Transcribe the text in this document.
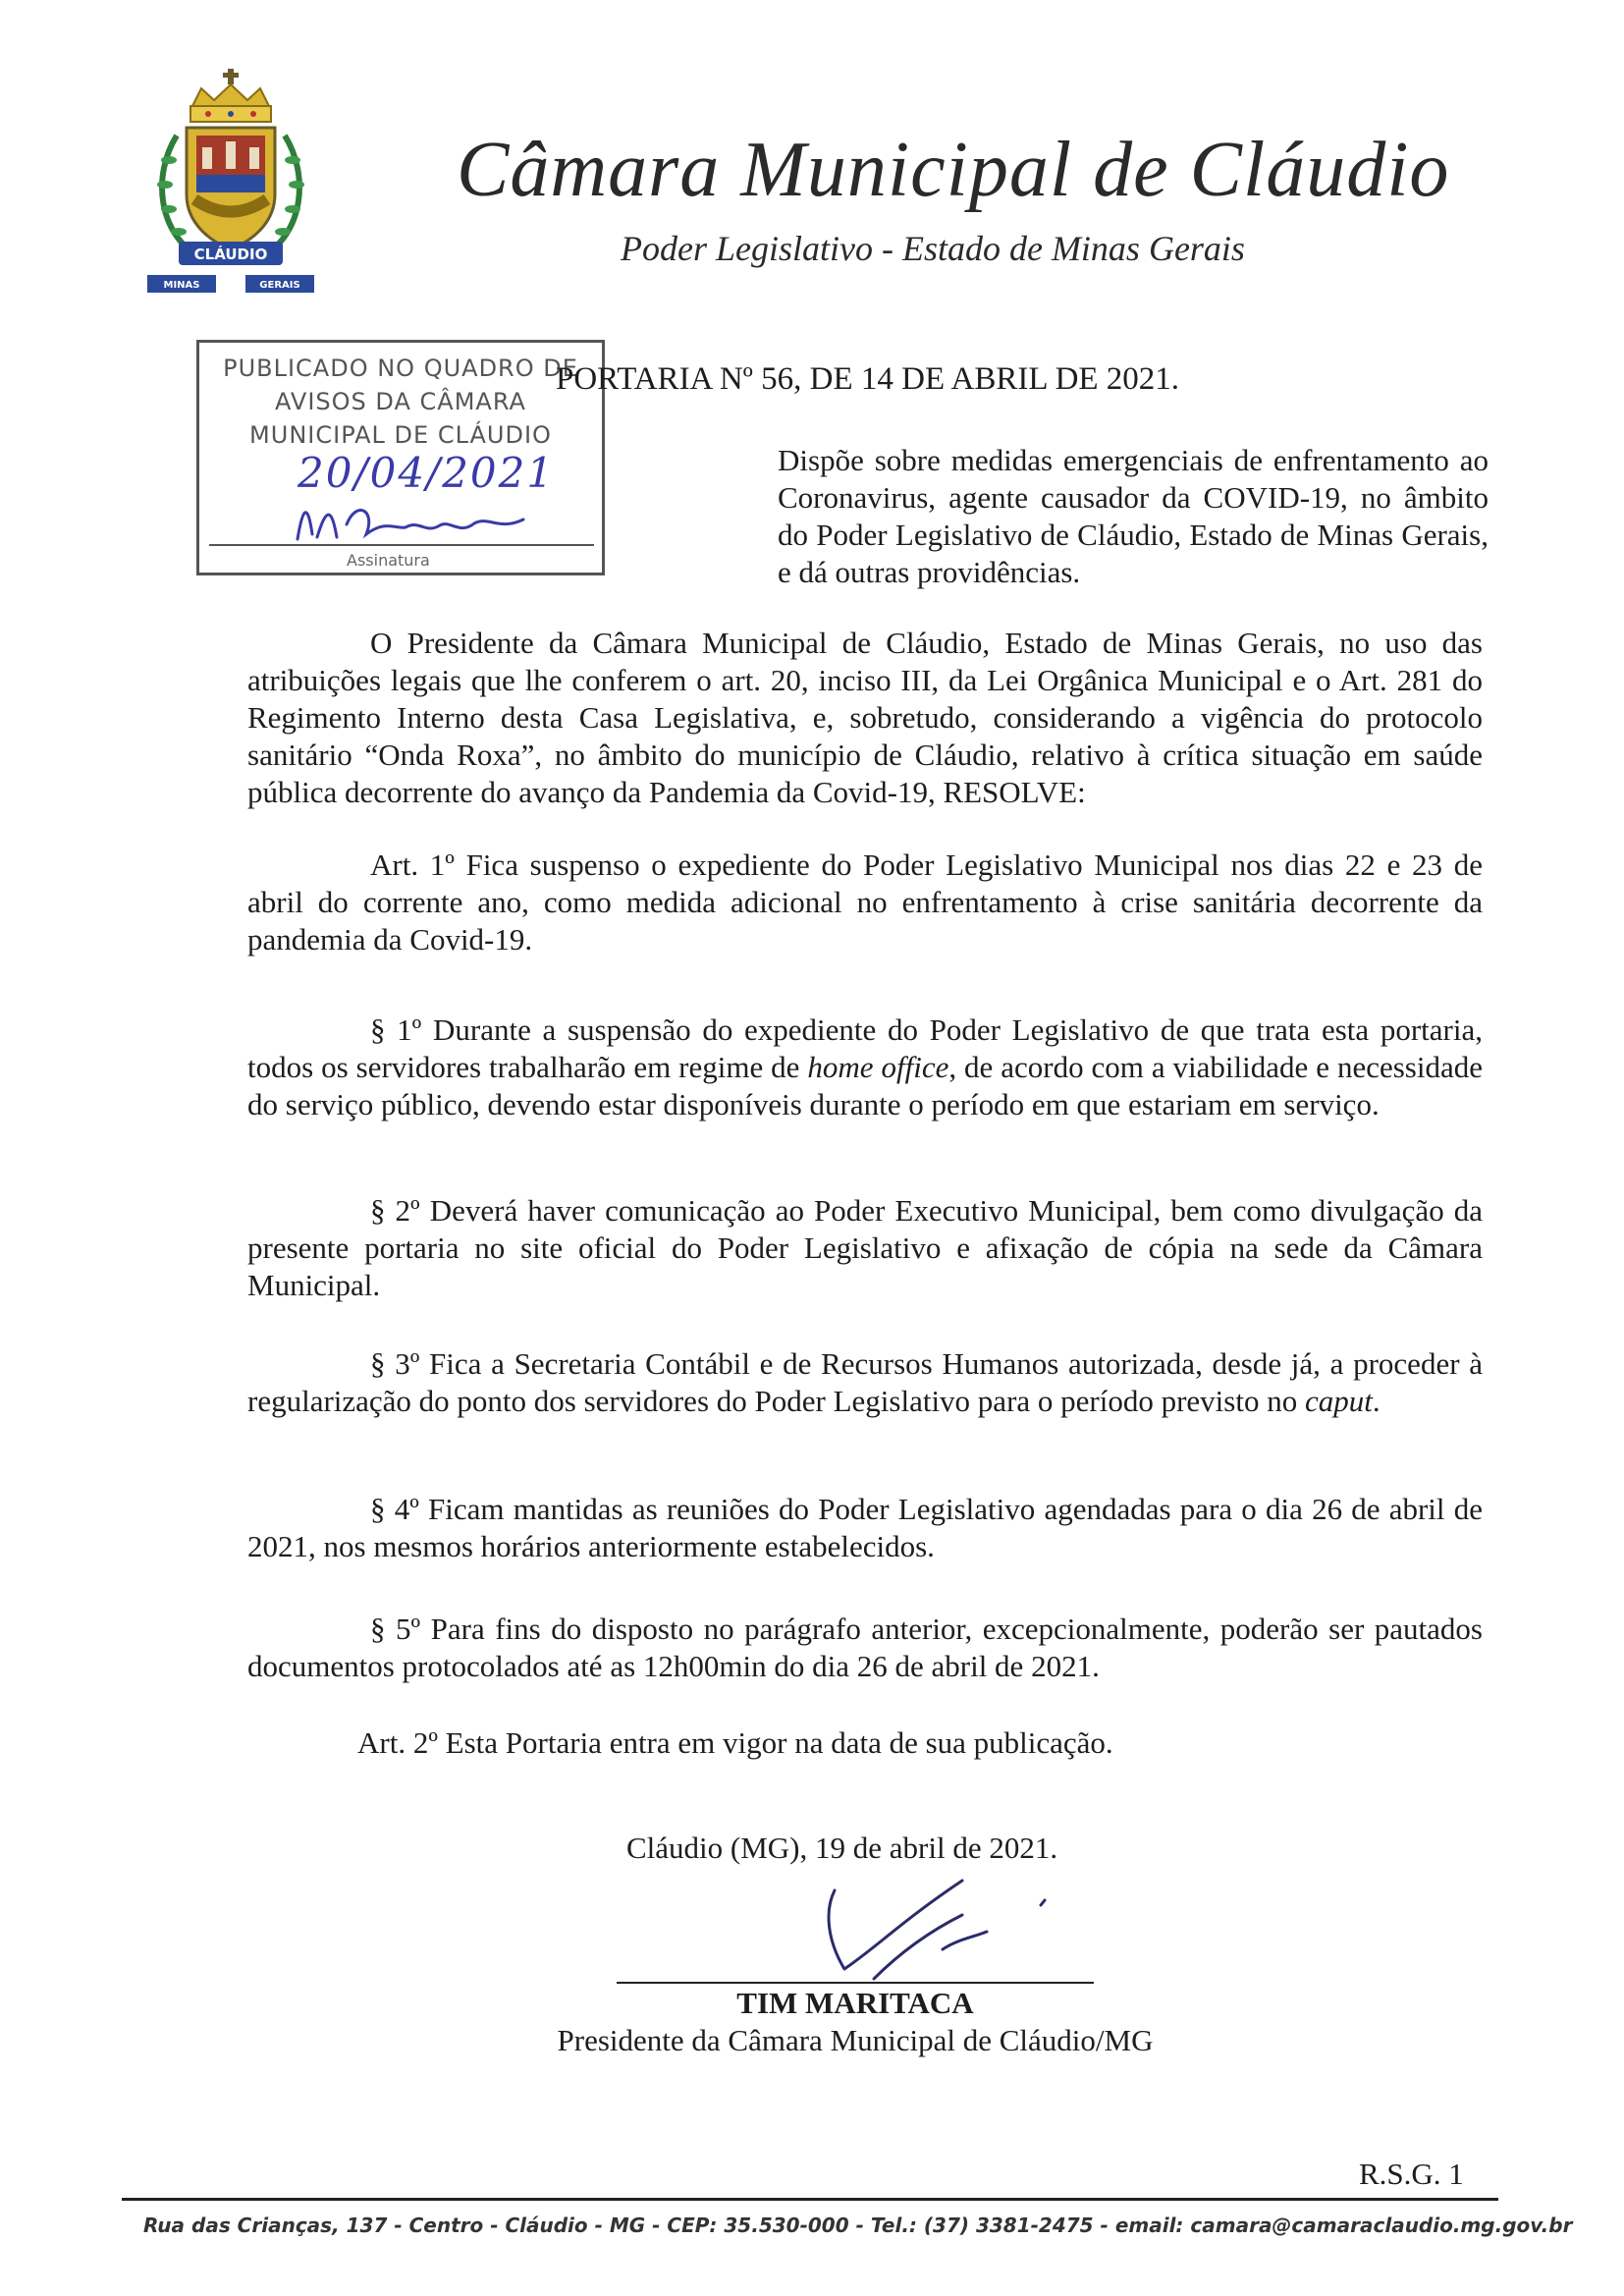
CLÁUDIO
MINAS	GERAIS
Câmara Municipal de Cláudio
Poder Legislativo - Estado de Minas Gerais
PUBLICADO NO QUADRO DE
AVISOS DA CÂMARA
MUNICIPAL DE CLÁUDIO
20/04/2021
Assinatura
PORTARIA Nº 56, DE 14 DE ABRIL DE 2021.
Dispõe sobre medidas emergenciais de enfrentamento ao Coronavirus, agente causador da COVID-19, no âmbito do Poder Legislativo de Cláudio, Estado de Minas Gerais, e dá outras providências.
O Presidente da Câmara Municipal de Cláudio, Estado de Minas Gerais, no uso das atribuições legais que lhe conferem o art. 20, inciso III, da Lei Orgânica Municipal e o Art. 281 do Regimento Interno desta Casa Legislativa, e, sobretudo, considerando a vigência do protocolo sanitário “Onda Roxa”, no âmbito do município de Cláudio, relativo à crítica situação em saúde pública decorrente do avanço da Pandemia da Covid-19, RESOLVE:
Art. 1º Fica suspenso o expediente do Poder Legislativo Municipal nos dias 22 e 23 de abril do corrente ano, como medida adicional no enfrentamento à crise sanitária decorrente da pandemia da Covid-19.
§ 1º Durante a suspensão do expediente do Poder Legislativo de que trata esta portaria, todos os servidores trabalharão em regime de home office, de acordo com a viabilidade e necessidade do serviço público, devendo estar disponíveis durante o período em que estariam em serviço.
§ 2º Deverá haver comunicação ao Poder Executivo Municipal, bem como divulgação da presente portaria no site oficial do Poder Legislativo e afixação de cópia na sede da Câmara Municipal.
§ 3º Fica a Secretaria Contábil e de Recursos Humanos autorizada, desde já, a proceder à regularização do ponto dos servidores do Poder Legislativo para o período previsto no caput.
§ 4º Ficam mantidas as reuniões do Poder Legislativo agendadas para o dia 26 de abril de 2021, nos mesmos horários anteriormente estabelecidos.
§ 5º Para fins do disposto no parágrafo anterior, excepcionalmente, poderão ser pautados documentos protocolados até as 12h00min do dia 26 de abril de 2021.
Art. 2º Esta Portaria entra em vigor na data de sua publicação.
Cláudio (MG), 19 de abril de 2021.
TIM MARITACA
Presidente da Câmara Municipal de Cláudio/MG
R.S.G. 1
Rua das Crianças, 137 - Centro - Cláudio - MG - CEP: 35.530-000 - Tel.: (37) 3381-2475 - email: camara@camaraclaudio.mg.gov.br
